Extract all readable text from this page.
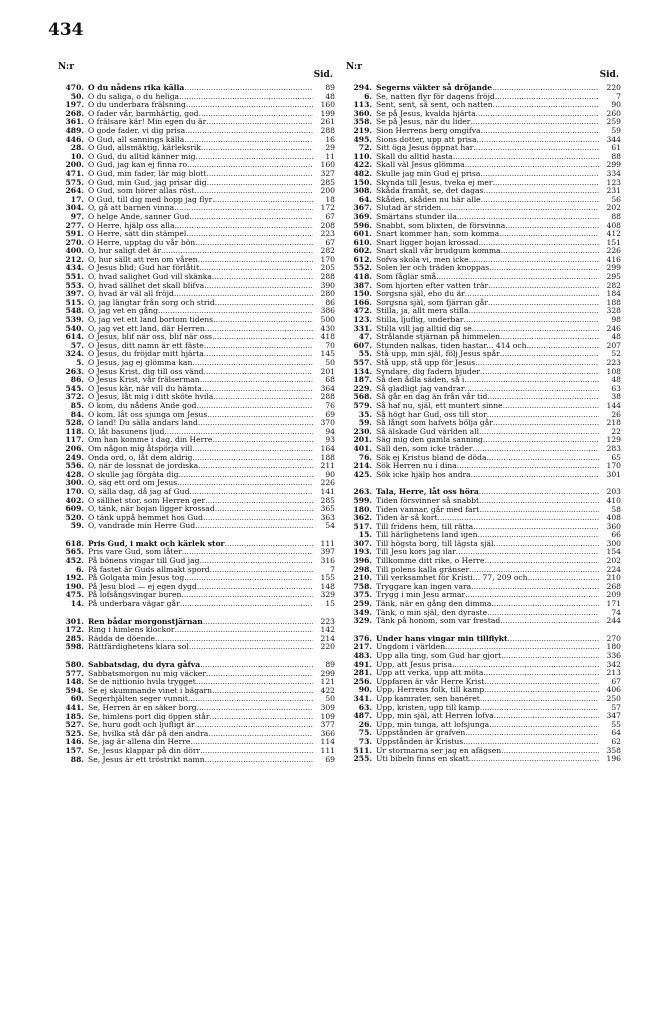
434
N:r
Sid.
470. O du nådens rika källa .....	89
50. O du saliga, o du heliga .....	48
197. O du underbara frälsning .....	160
268. O fader vår, barmhärtig, god .....	199
361. O frälsare kär! Min egen du är .....	261
489. O gode fader, vi dig prisa .....	288
446. O Gud, all sannings källa .....	16
28. O Gud, allsmäktig, kärleksrik .....	29
10. O Gud, du alltid känner mig .....	11
200. O Gud, jag kan ej finna ro .....	160
471. O Gud, min fader, lär mig blott .....	327
575. O Gud, min Gud, jag prisar dig .....	285
264. O Gud, som hörer allas röst .....	200
17. O Gud, till dig med hopp jag flyr .....	18
304. O, gå att barnen vinna .....	172
97. O helge Ande, sanner Gud .....	67
277. O Herre, hjälp oss alla .....	208
591. O Herre, sätt din stämpel .....	223
270. O Herre, upptag du vår bön .....	67
400. O, hur saligt det är .....	282
212. O, hur sällt att ren om våren .....	170
434. O Jesus blid; Gud har förlåtit .....	205
551. O, hvad salighet Gud vill skänka .....	288
553. O, hvad sällhet det skall blifva .....	390
397. O, hvad är väl all fröjd .....	280
515. O, jag längtar från sorg och strid .....	86
548. O, jag vet en gång .....	386
539. O, jag vet ett land bortom tidens .....	500
540. O, jag vet ett land, där Herren .....	430
614. O Jesus, blif när oss, blif när oss .....	418
57. O Jesus, ditt namn är ett fäste .....	70
324. O Jesus, du fröjdar mitt hjärta .....	145
5. O Jesus, jag ej glömma kan .....	50
263. O Jesus Krist, dig till oss vänd .....	201
86. O Jesus Krist, vår frälserman .....	68
545. O Jesus kär, när vill du hämta .....	364
372. O Jesus, låt mig i ditt sköte hvila .....	288
85. O kom, du nådens Ande god .....	76
84. O kom, låt oss sjunga om Jesus .....	69
528. O land! Du sälla andars land .....	370
118. O, låt basunens ljud .....	94
117. Om han komme i dag, din Herre .....	93
206. Om någon mig åtspörja vill .....	164
249. Onda ord, o, låt dem aldrig .....	188
556. O, när de lossnat de jordiska .....	211
428. O skulle jag förgäta dig .....	90
300. O, säg ett ord om Jesus .....	226
170. O, sälla dag, då jag af Gud .....	141
402. O sällhet stor, som Herren ger .....	285
609. O, tänk, när bojan ligger krossad .....	365
520. O tänk uppå hemmet hos Gud .....	363
59. O, vandrade min Herre Gud .....	54
618. Pris Gud, i makt och kärlek stor .....	111
565. Pris vare Gud, som låter .....	397
452. På bönens vingar till Gud jag .....	316
6. På fastet är Guds allmakt spord .....	7
192. På Golgata min Jesus tog .....	155
190. På Jesu blod — ej egen dygd .....	148
475. På lofsångsvingar buren .....	329
14. På underbara vägar går .....	15
301. Ren bådar morgonstjärnan .....	223
172. Ring i himlens klockor .....	142
285. Rädda de döende .....	214
598. Rättfärdighetens klara sol .....	220
580. Sabbatsdag, du dyra gåfva .....	89
577. Sabbatsmorgon nu mig väcker .....	299
148. Se de nittionio hvila trygget .....	121
594. Se ej skummande vinet i bägarn .....	422
60. Segerhjälten seger vunnit .....	50
441. Se, Herren är en säker borg .....	309
185. Se, himlens port dig öppen står .....	109
527. Se, huru godt och ljufligt är .....	377
525. Se, hvilka stå där på den andra .....	366
146. Se, jag är allena din Herre .....	114
157. Se, Jesus klappar på din dörr .....	111
88. Se, Jesus är ett tröstrikt namn .....	69
N:r
Sid.
294. Segerns väkter så dröjande .....	220
6. Se, natten flyr för dagens fröjd .....	7
113. Sent, sent, så sent, och natten .....	90
360. Se på Jesus, kvalda hjärta .....	260
358. Se på Jesus, när du lider .....	259
219. Sion Herrens berg omgifva .....	59
495. Sions dotter, upp att prisa .....	344
72. Sitt öga Jesus öppnat har .....	61
110. Skall du alltid hasta .....	88
422. Skall väl Jesus glömma .....	299
482. Skulle jag min Gud ej prisa .....	334
150. Skynda till Jesus, tveka ej mer .....	123
308. Skåda framåt, se, det dagas .....	231
64. Skåden, skåden nu här alle .....	56
367. Slutad är striden .....	202
369. Smärtans stunder ila .....	88
596. Snabbt, som blixten, de försvinna .....	408
601. Snart kommer han, som komma .....	412
610. Snart ligger bojan krossad .....	151
602. Snart skall vår brudgum komma .....	226
612. Sofva skola vi, men icke .....	416
552. Solen ler och träden knoppas .....	299
418. Som fåglar små .....	295
387. Som hjorten efter vatten trär .....	282
150. Sorgsna själ, eho du är .....	184
166. Sorgsna själ, som fjärran går .....	188
472. Stilla, ja, allt mera stilla .....	328
123. Stilla, ljuflig, underbar .....	98
331. Stilla vill jag alltid dig se .....	246
47. Strålande stjärnan på himmelen .....	48
607. Stunden nalkas, tiden hastar... 414 och .....	207
55. Stå upp, min själ, följ Jesus spår .....	52
557. Stå upp, stå upp för Jesus .....	223
134. Syndare, dig fadern bjuder .....	108
187. Så den ådla säden, så i .....	48
229. Så gladligt jag vandrar .....	63
568. Så går en dag än från vår tid .....	38
579. Så haf nu, själ, ett muntert sinne .....	144
35. Så högt har Gud, oss till stor .....	26
59. Så långt som hafvets bölja går .....	218
230. Så älskade Gud världen all .....	22
201. Säg mig den gamla sanning .....	129
401. Säll den, som icke träder .....	283
76. Sök ej Kristus bland de döda .....	65
214. Sök Herren nu i dina .....	170
425. Sök icke hjälp hos andra .....	301
263. Tala, Herre, låt oss höra .....	203
599. Tiden försvinner så snabbt .....	410
180. Tiden vannar, går med fart .....	58
362. Tiden är så kort .....	408
517. Till fridens hem, till rätta .....	360
15. Till härlighetens land igen .....	66
307. Till högsta borg, till lägsta själ .....	300
193. Till Jesu kors jag ilar .....	154
396. Tillkomme ditt rike, o Herre .....	202
298. Till polens kalla gränser .....	224
210. Till verksamhet för Kristi... 77, 209 och .....	210
758. Tryggare kan ingen vara .....	268
375. Trygg i min Jesu armar .....	209
259. Tänk, när en gång den dimma .....	171
349. Tänk, o min själ, den dyraste .....	74
329. Tänk på honom, som var frestad .....	244
376. Under hans vingar min tillflykt .....	270
217. Ungdom i världen .....	180
483. Upp alla ting, som Gud har gjort .....	336
491. Upp, att Jesus prisa .....	342
281. Upp att verka, upp att möta .....	213
256. Uppfaren är vår Herre Krist .....	67
90. Upp, Herrens folk, till kamp .....	406
341. Upp kamrater, sen banéret .....	250
63. Upp, kristen, upp till kamp .....	57
487. Upp, min själ, att Herren lofva .....	347
26. Upp, min tunga, att lofsjunga .....	55
75. Uppstånden är grafven .....	64
73. Uppstånden är Kristus .....	62
511. Ur stormarna ser jag en afägsen .....	358
255. Uti bibeln finns en skatt .....	196
